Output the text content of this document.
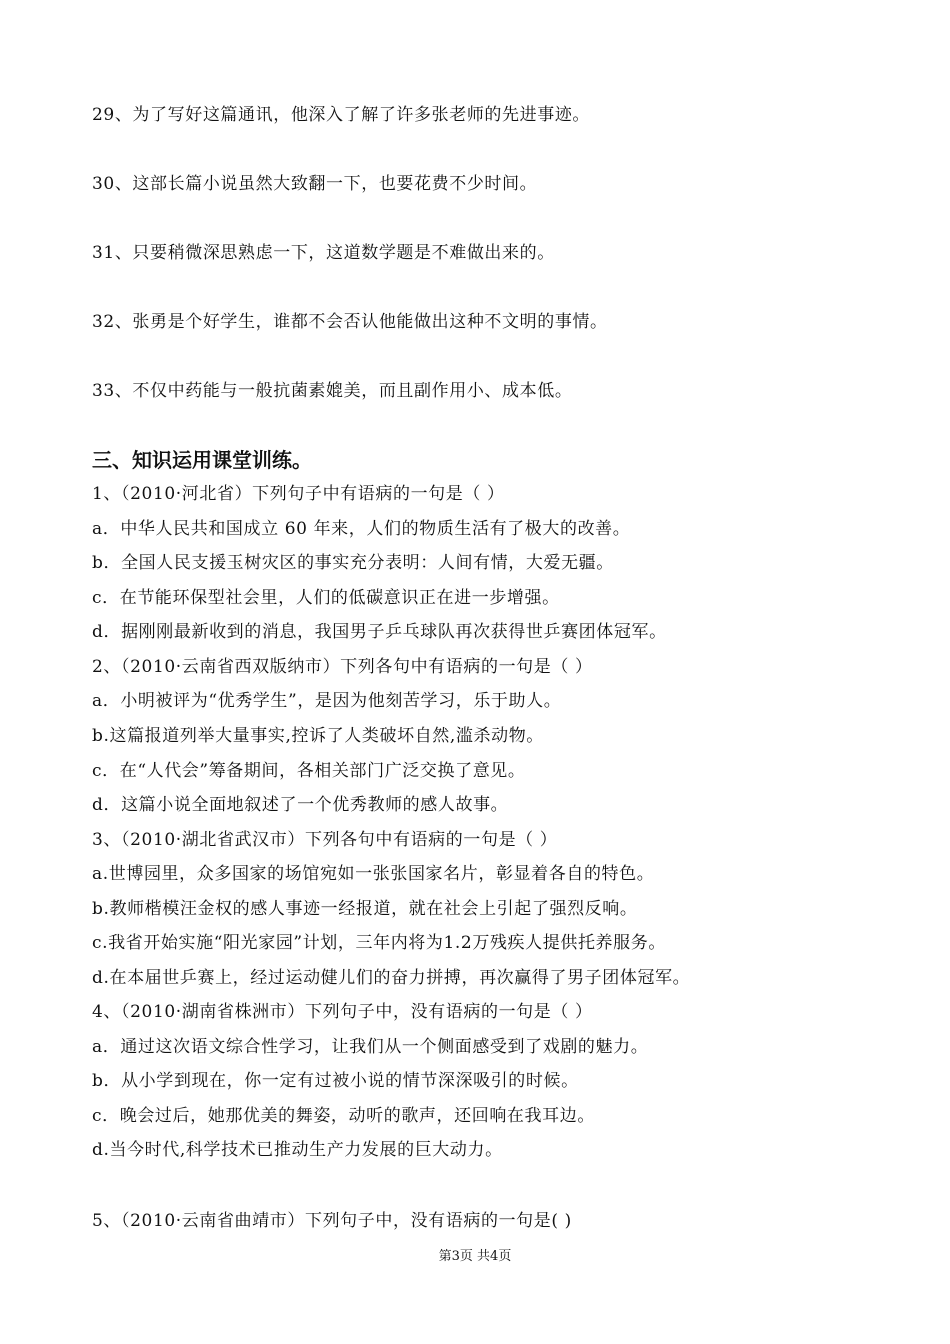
29、为了写好这篇通讯，他深入了解了许多张老师的先进事迹。
30、这部长篇小说虽然大致翻一下，也要花费不少时间。
31、只要稍微深思熟虑一下，这道数学题是不难做出来的。
32、张勇是个好学生，谁都不会否认他能做出这种不文明的事情。
33、不仅中药能与一般抗菌素媲美，而且副作用小、成本低。
三、知识运用课堂训练。
1、（2010·河北省）下列句子中有语病的一句是（ ）
a．中华人民共和国成立 60 年来，人们的物质生活有了极大的改善。
b．全国人民支援玉树灾区的事实充分表明：人间有情，大爱无疆。
c．在节能环保型社会里，人们的低碳意识正在进一步增强。
d．据刚刚最新收到的消息，我国男子乒乓球队再次获得世乒赛团体冠军。
2、（2010·云南省西双版纳市）下列各句中有语病的一句是（ ）
a．小明被评为“优秀学生”，是因为他刻苦学习，乐于助人。
b.这篇报道列举大量事实,控诉了人类破坏自然,滥杀动物。
c．在“人代会”筹备期间，各相关部门广泛交换了意见。
d．这篇小说全面地叙述了一个优秀教师的感人故事。
3、（2010·湖北省武汉市）下列各句中有语病的一句是（ ）
a.世博园里，众多国家的场馆宛如一张张国家名片，彰显着各自的特色。
b.教师楷模汪金权的感人事迹一经报道，就在社会上引起了强烈反响。
c.我省开始实施“阳光家园”计划，三年内将为1.2万残疾人提供托养服务。
d.在本届世乒赛上，经过运动健儿们的奋力拼搏，再次赢得了男子团体冠军。
4、（2010·湖南省株洲市）下列句子中，没有语病的一句是（ ）
a．通过这次语文综合性学习，让我们从一个侧面感受到了戏剧的魅力。
b．从小学到现在，你一定有过被小说的情节深深吸引的时候。
c．晚会过后，她那优美的舞姿，动听的歌声，还回响在我耳边。
d.当今时代,科学技术已推动生产力发展的巨大动力。
5、（2010·云南省曲靖市）下列句子中，没有语病的一句是( )
第3页 共4页
